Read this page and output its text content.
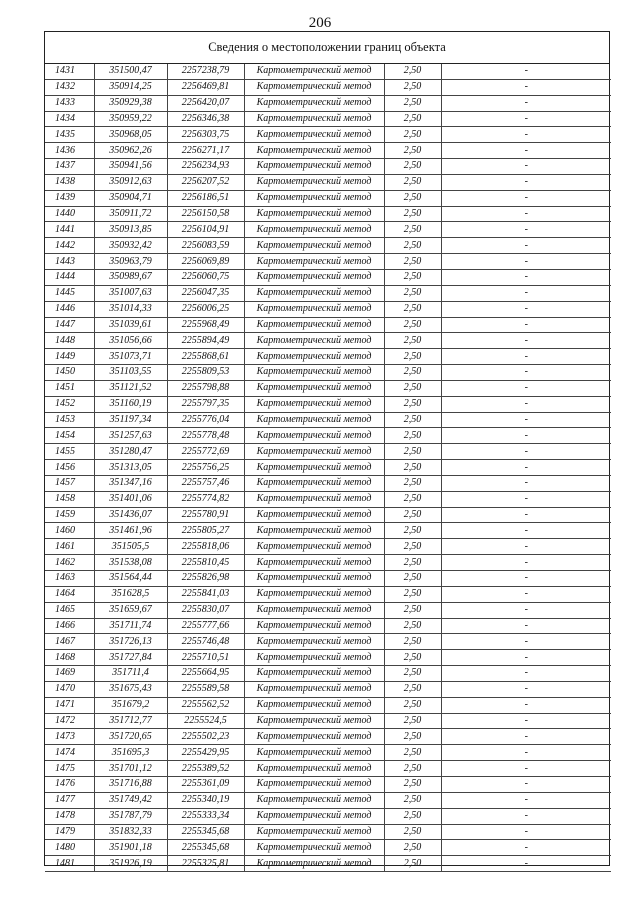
206
Сведения о местоположении границ объекта
1431	351500,47	2257238,79	Картометрический метод	2,50	-
1432	350914,25	2256469,81	Картометрический метод	2,50	-
1433	350929,38	2256420,07	Картометрический метод	2,50	-
1434	350959,22	2256346,38	Картометрический метод	2,50	-
1435	350968,05	2256303,75	Картометрический метод	2,50	-
1436	350962,26	2256271,17	Картометрический метод	2,50	-
1437	350941,56	2256234,93	Картометрический метод	2,50	-
1438	350912,63	2256207,52	Картометрический метод	2,50	-
1439	350904,71	2256186,51	Картометрический метод	2,50	-
1440	350911,72	2256150,58	Картометрический метод	2,50	-
1441	350913,85	2256104,91	Картометрический метод	2,50	-
1442	350932,42	2256083,59	Картометрический метод	2,50	-
1443	350963,79	2256069,89	Картометрический метод	2,50	-
1444	350989,67	2256060,75	Картометрический метод	2,50	-
1445	351007,63	2256047,35	Картометрический метод	2,50	-
1446	351014,33	2256006,25	Картометрический метод	2,50	-
1447	351039,61	2255968,49	Картометрический метод	2,50	-
1448	351056,66	2255894,49	Картометрический метод	2,50	-
1449	351073,71	2255868,61	Картометрический метод	2,50	-
1450	351103,55	2255809,53	Картометрический метод	2,50	-
1451	351121,52	2255798,88	Картометрический метод	2,50	-
1452	351160,19	2255797,35	Картометрический метод	2,50	-
1453	351197,34	2255776,04	Картометрический метод	2,50	-
1454	351257,63	2255778,48	Картометрический метод	2,50	-
1455	351280,47	2255772,69	Картометрический метод	2,50	-
1456	351313,05	2255756,25	Картометрический метод	2,50	-
1457	351347,16	2255757,46	Картометрический метод	2,50	-
1458	351401,06	2255774,82	Картометрический метод	2,50	-
1459	351436,07	2255780,91	Картометрический метод	2,50	-
1460	351461,96	2255805,27	Картометрический метод	2,50	-
1461	351505,5	2255818,06	Картометрический метод	2,50	-
1462	351538,08	2255810,45	Картометрический метод	2,50	-
1463	351564,44	2255826,98	Картометрический метод	2,50	-
1464	351628,5	2255841,03	Картометрический метод	2,50	-
1465	351659,67	2255830,07	Картометрический метод	2,50	-
1466	351711,74	2255777,66	Картометрический метод	2,50	-
1467	351726,13	2255746,48	Картометрический метод	2,50	-
1468	351727,84	2255710,51	Картометрический метод	2,50	-
1469	351711,4	2255664,95	Картометрический метод	2,50	-
1470	351675,43	2255589,58	Картометрический метод	2,50	-
1471	351679,2	2255562,52	Картометрический метод	2,50	-
1472	351712,77	2255524,5	Картометрический метод	2,50	-
1473	351720,65	2255502,23	Картометрический метод	2,50	-
1474	351695,3	2255429,95	Картометрический метод	2,50	-
1475	351701,12	2255389,52	Картометрический метод	2,50	-
1476	351716,88	2255361,09	Картометрический метод	2,50	-
1477	351749,42	2255340,19	Картометрический метод	2,50	-
1478	351787,79	2255333,34	Картометрический метод	2,50	-
1479	351832,33	2255345,68	Картометрический метод	2,50	-
1480	351901,18	2255345,68	Картометрический метод	2,50	-
1481	351926,19	2255325,81	Картометрический метод	2,50	-
